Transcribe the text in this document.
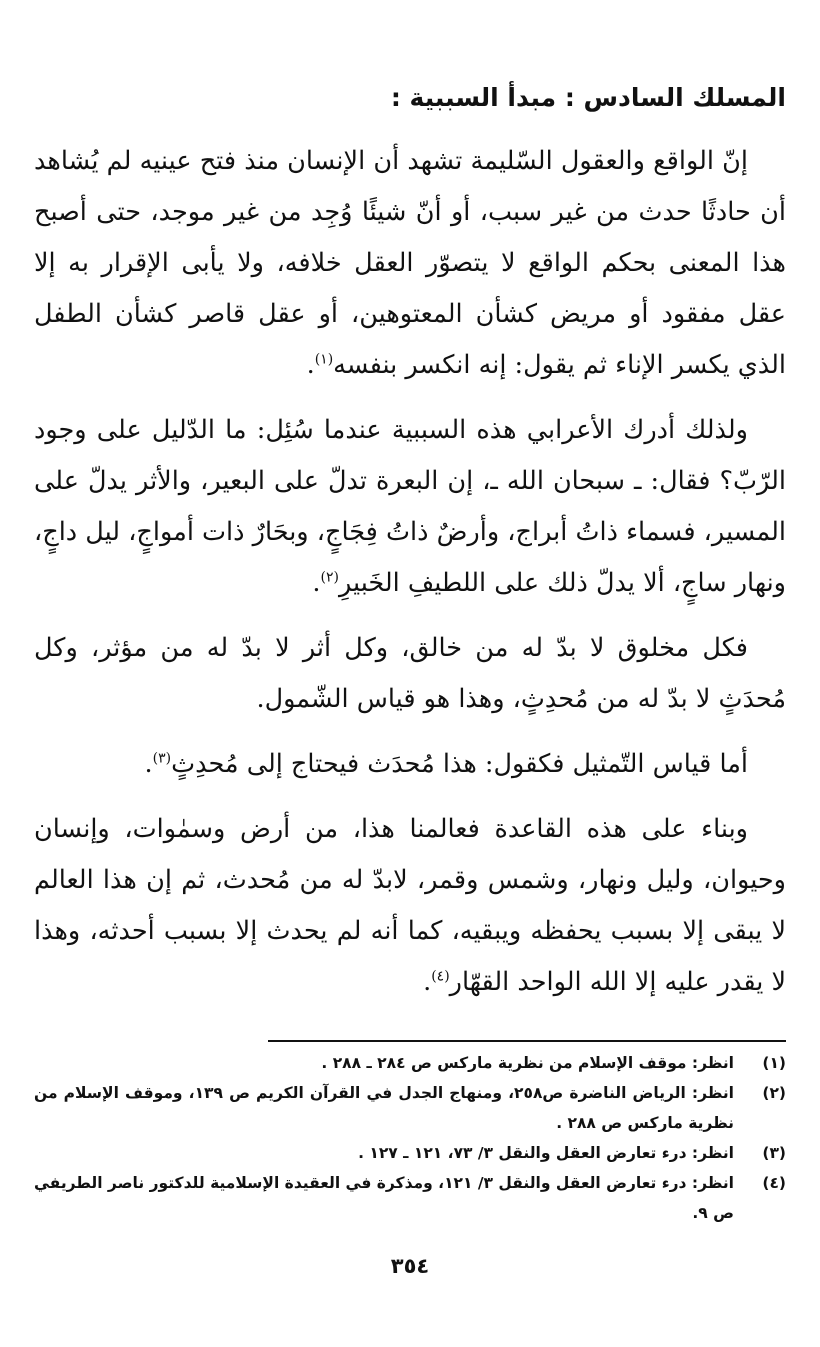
المسلك السادس : مبدأ السببية :

إنّ الواقع والعقول السّليمة تشهد أن الإنسان منذ فتح عينيه لم يُشاهد أن حادثًا حدث من غير سبب، أو أنّ شيئًا وُجِد من غير موجد، حتى أصبح هذا المعنى بحكم الواقع لا يتصوّر العقل خلافه، ولا يأبى الإقرار به إلا عقل مفقود أو مريض كشأن المعتوهين، أو عقل قاصر كشأن الطفل الذي يكسر الإناء ثم يقول: إنه انكسر بنفسه$^{(١)}$.

ولذلك أدرك الأعرابي هذه السببية عندما سُئِل: ما الدّليل على وجود الرّبّ؟ فقال: ـ سبحان الله ـ، إن البعرة تدلّ على البعير، والأثر يدلّ على المسير، فسماء ذاتُ أبراج، وأرضٌ ذاتُ فِجَاجٍ، وبحَارٌ ذات أمواجٍ، ليل داجٍ، ونهار ساجٍ، ألا يدلّ ذلك على اللطيفِ الخَبيرِ$^{(٢)}$.

فكل مخلوق لا بدّ له من خالق، وكل أثر لا بدّ له من مؤثر، وكل مُحدَثٍ لا بدّ له من مُحدِثٍ، وهذا هو قياس الشّمول.

أما قياس التّمثيل فكقول: هذا مُحدَث فيحتاج إلى مُحدِثٍ$^{(٣)}$.

وبناء على هذه القاعدة فعالمنا هذا، من أرض وسمٰوات، وإنسان وحيوان، وليل ونهار، وشمس وقمر، لابدّ له من مُحدث، ثم إن هذا العالم لا يبقى إلا بسبب يحفظه ويبقيه، كما أنه لم يحدث إلا بسبب أحدثه، وهذا لا يقدر عليه إلا الله الواحد القهّار$^{(٤)}$.

(١)
انظر: موقف الإسلام من نظرية ماركس ص ٢٨٤ ـ ٢٨٨ .
(٢)
انظر: الرياض الناضرة ص٢٥٨، ومنهاج الجدل في القرآن الكريم ص ١٣٩، وموقف الإسلام من نظرية ماركس ص ٢٨٨ .
(٣)
انظر: درء تعارض العقل والنقل ٣/ ٧٣، ١٢١ ـ ١٢٧ .
(٤)
انظر: درء تعارض العقل والنقل ٣/ ١٢١، ومذكرة في العقيدة الإسلامية للدكتور ناصر الطريفي ص ٩.
٣٥٤
